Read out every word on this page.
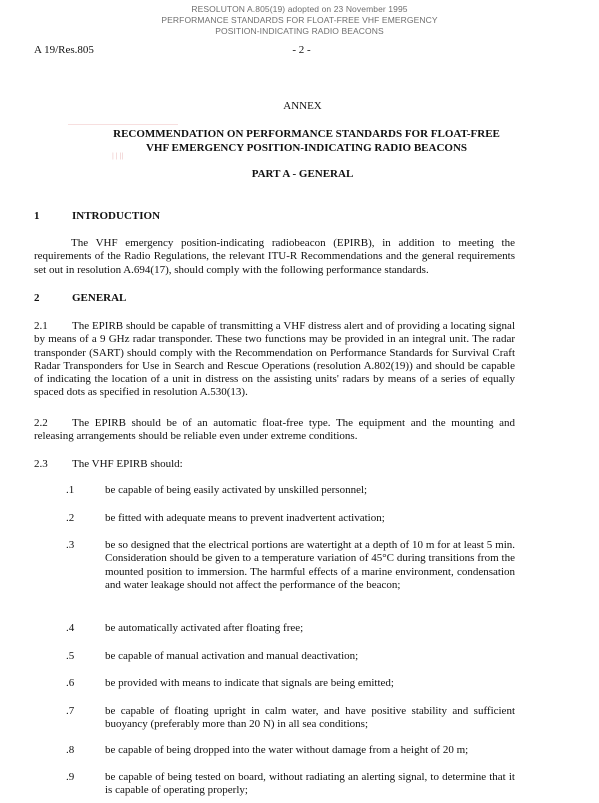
RESOLUTON A.805(19) adopted on 23 November 1995
PERFORMANCE STANDARDS FOR FLOAT-FREE VHF EMERGENCY
POSITION-INDICATING RADIO BEACONS
A 19/Res.805	- 2 -
| | ||
ANNEX
RECOMMENDATION ON PERFORMANCE STANDARDS FOR FLOAT-FREE
VHF EMERGENCY POSITION-INDICATING RADIO BEACONS
PART A - GENERAL
1	INTRODUCTION
The VHF emergency position-indicating radiobeacon (EPIRB), in addition to meeting the requirements of the Radio Regulations, the relevant ITU-R Recommendations and the general requirements set out in resolution A.694(17), should comply with the following performance standards.
2	GENERAL
2.1 The EPIRB should be capable of transmitting a VHF distress alert and of providing a locating signal by means of a 9 GHz radar transponder. These two functions may be provided in an integral unit. The radar transponder (SART) should comply with the Recommendation on Performance Standards for Survival Craft Radar Transponders for Use in Search and Rescue Operations (resolution A.802(19)) and should be capable of indicating the location of a unit in distress on the assisting units' radars by means of a series of equally spaced dots as specified in resolution A.530(13).
2.2 The EPIRB should be of an automatic float-free type. The equipment and the mounting and releasing arrangements should be reliable even under extreme conditions.
2.3 The VHF EPIRB should:
.1	be capable of being easily activated by unskilled personnel;
.2	be fitted with adequate means to prevent inadvertent activation;
.3	be so designed that the electrical portions are watertight at a depth of 10 m for at least 5 min. Consideration should be given to a temperature variation of 45°C during transitions from the mounted position to immersion. The harmful effects of a marine environment, condensation and water leakage should not affect the performance of the beacon;
.4	be automatically activated after floating free;
.5	be capable of manual activation and manual deactivation;
.6	be provided with means to indicate that signals are being emitted;
.7	be capable of floating upright in calm water, and have positive stability and sufficient buoyancy (preferably more than 20 N) in all sea conditions;
.8	be capable of being dropped into the water without damage from a height of 20 m;
.9	be capable of being tested on board, without radiating an alerting signal, to determine that it is capable of operating properly;
